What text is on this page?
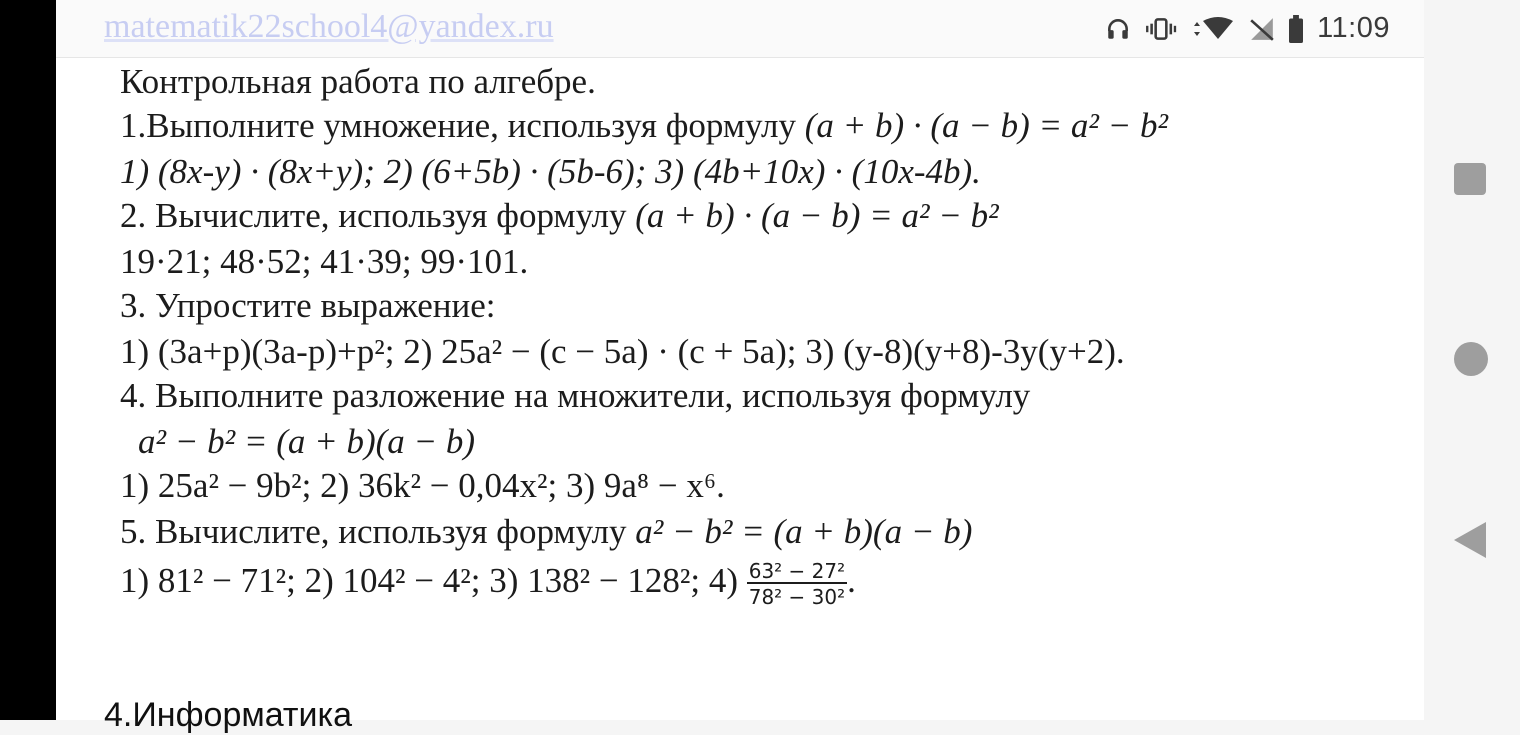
matematik22school4@yandex.ru	11:09
Контрольная работа по алгебре.
1.Выполните умножение, используя формулу (a + b) · (a − b) = a² − b²
1) (8x-y) · (8x+y); 2) (6+5b) · (5b-6); 3) (4b+10x) · (10x-4b).
2. Вычислите, используя формулу (a + b) · (a − b) = a² − b²
19·21; 48·52; 41·39; 99·101.
3. Упростите выражение:
1) (3a+p)(3a-p)+p²; 2) 25a² − (c − 5a) · (c + 5a); 3) (y-8)(y+8)-3y(y+2).
4. Выполните разложение на множители, используя формулу
a² − b² = (a + b)(a − b)
1) 25a² − 9b²; 2) 36k² − 0,04x²; 3) 9a⁸ − x⁶.
5. Вычислите, используя формулу a² − b² = (a + b)(a − b)
1) 81² − 71²; 2) 104² − 4²; 3) 138² − 128²; $4) \frac{\text{63² − 27²}}{\text{78² − 30²}}$ .
4.Информатика
